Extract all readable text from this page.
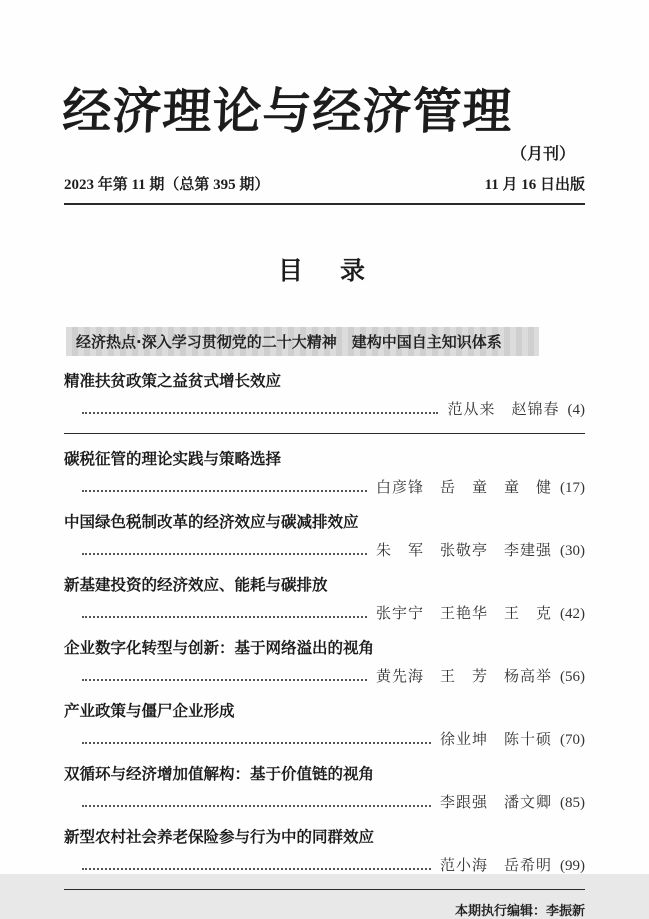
经济理论与经济管理
（月刊）
2023 年第 11 期（总第 395 期）	11 月 16 日出版
目　录
经济热点·深入学习贯彻党的二十大精神　建构中国自主知识体系
精准扶贫政策之益贫式增长效应
范从来　赵锦春 (4)
碳税征管的理论实践与策略选择
白彦锋　岳　童　童　健 (17)
中国绿色税制改革的经济效应与碳减排效应
朱　军　张敬亭　李建强 (30)
新基建投资的经济效应、能耗与碳排放
张宇宁　王艳华　王　克 (42)
企业数字化转型与创新：基于网络溢出的视角
黄先海　王　芳　杨高举 (56)
产业政策与僵尸企业形成
徐业坤　陈十硕 (70)
双循环与经济增加值解构：基于价值链的视角
李跟强　潘文卿 (85)
新型农村社会养老保险参与行为中的同群效应
范小海　岳希明 (99)
本期执行编辑：李振新
